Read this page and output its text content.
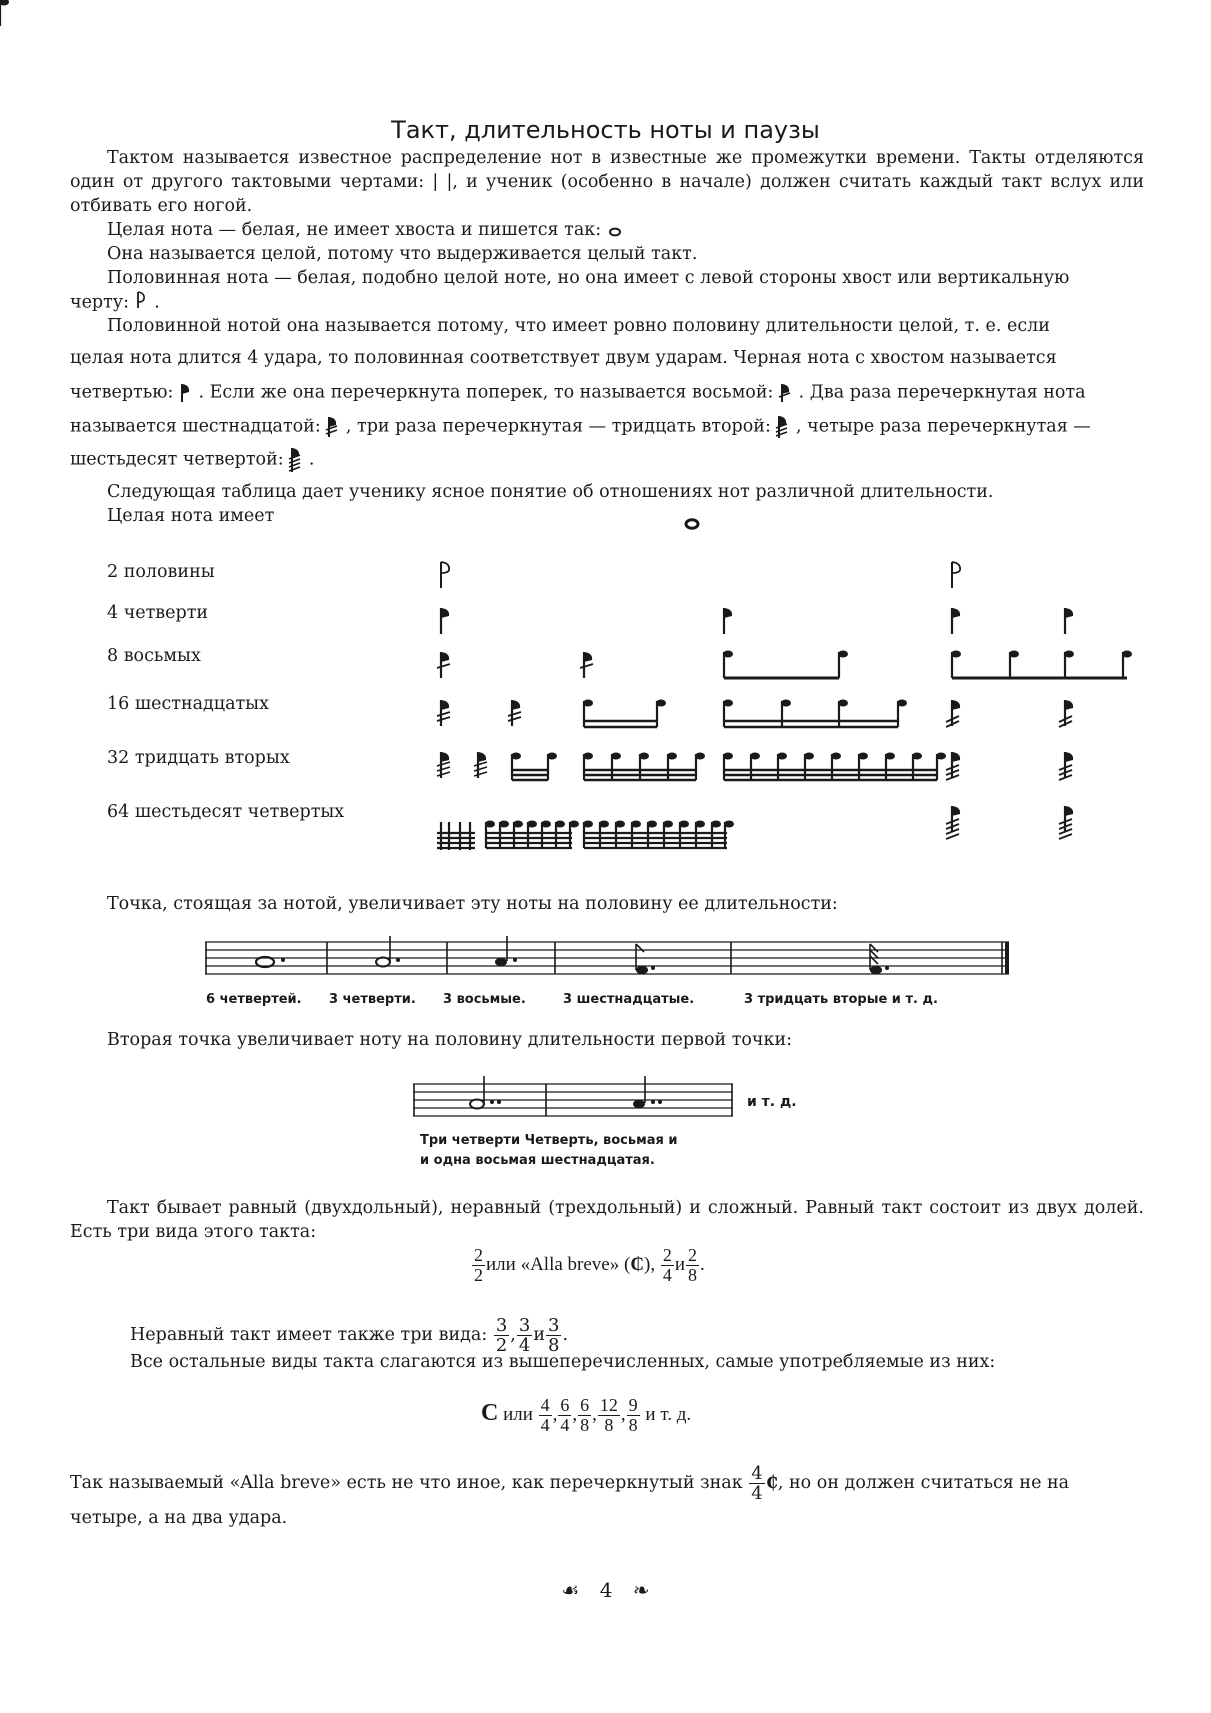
Такт, длительность ноты и паузы

Тактом называется известное распределение нот в известные же промежутки времени. Такты отделяются один от другого тактовыми чертами: | |, и ученик (особенно в начале) должен считать каждый такт вслух или отбивать его ногой.

Целая нота — белая, не имеет хвоста и пишется так:
Она называется целой, потому что выдерживается целый такт.
Половинная нота — белая, подобно целой ноте, но она имеет с левой стороны хвост или вертикальную
черту: .
Половинной нотой она называется потому, что имеет ровно половину длительности целой, т. е. если
целая нота длится 4 удара, то половинная соответствует двум ударам. Черная нота с хвостом называется
четвертью: . Если же она перечеркнута поперек, то называется восьмой: . Два раза перечеркнутая нота
называется шестнадцатой: , три раза перечеркнутая — тридцать второй: , четыре раза перечеркнутая —
шестьдесят четвертой: .
Следующая таблица дает ученику ясное понятие об отношениях нот различной длительности.
Целая нота имеет
2 половины
4 четверти
8 восьмых
16 шестнадцатых
32 тридцать вторых
64 шестьдесят четвертых
Точка, стоящая за нотой, увеличивает эту ноты на половину ее длительности:
6 четвертей. 3 четверти. 3 восьмые.	3 шестнадцатые.	3 тридцать вторые и т. д.
Вторая точка увеличивает ноту на половину длительности первой точки:
и т. д.
Три четверти Четверть, восьмая и
и одна восьмая шестнадцатая.

Такт бывает равный (двухдольный), неравный (трехдольный) и сложный. Равный такт состоит из двух долей. Есть три вида этого такта:

$\frac{2}{2}$ или «Alla breve» (₵), $\frac{2}{4}$ и $\frac{2}{8}$ .
Неравный такт имеет также три вида: $\frac{3}{2}$ , $\frac{3}{4}$ и $\frac{3}{8}$ .
Все остальные виды такта слагаются из вышеперечисленных, самые употребляемые из них:
C или $\frac{4}{4}$ , $\frac{6}{4}$ , $\frac{6}{8}$ , $\frac{12}{8}$ , $\frac{9}{8}$ и т. д.
Так называемый «Alla breve» есть не что иное, как перечеркнутый знак $\frac{4}{4}$ ₵, но он должен считаться не на
четыре, а на два удара.
☙ 4 ❧
